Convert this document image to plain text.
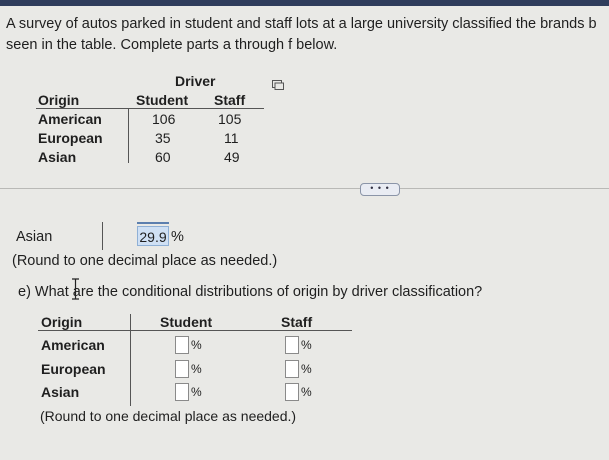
A survey of autos parked in student and staff lots at a large university classified the brands b
seen in the table. Complete parts a through f below.
Driver
Origin	Student Staff
American	106	105
European	35	11
Asian	60	49
• • •
Asian	29.9 %
(Round to one decimal place as needed.)
e) What are the conditional distributions of origin by driver classification?
Origin	Student	Staff
American	%	%
European	%	%
Asian	%	%
(Round to one decimal place as needed.)
